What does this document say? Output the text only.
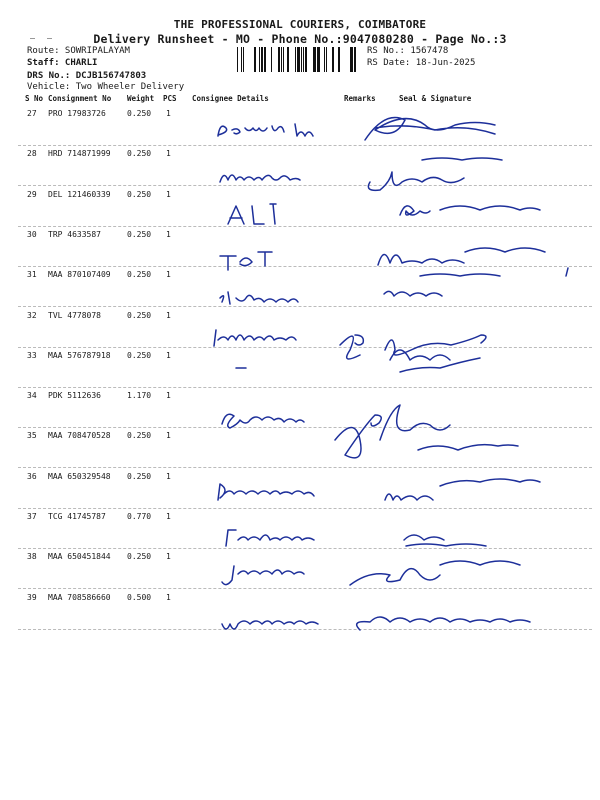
THE PROFESSIONAL COURIERS, COIMBATORE
Delivery Runsheet - MO - Phone No.:9047080280 - Page No.:3
Route: SOWRIPALAYAM
Staff: CHARLI
DRS No.: DCJB156747803
Vehicle: Two Wheeler Delivery
RS No.: 1567478
RS Date: 18-Jun-2025
S No Consignment No Weight PCS Consignee Details	Remarks	Seal & Signature
27 PRO 17983726	0.250 1
28 HRD 714871999 0.250 1
29 DEL 121460339 0.250 1
30 TRP 4633587	0.250 1
31 MAA 870107409 0.250 1
32 TVL 4778078	0.250 1
33 MAA 576787918 0.250 1
34 PDK 5112636	1.170 1
35 MAA 708470528 0.250 1
36 MAA 650329548 0.250 1
37 TCG 41745787	0.770 1
38 MAA 650451844 0.250 1
39 MAA 708586660 0.500 1
